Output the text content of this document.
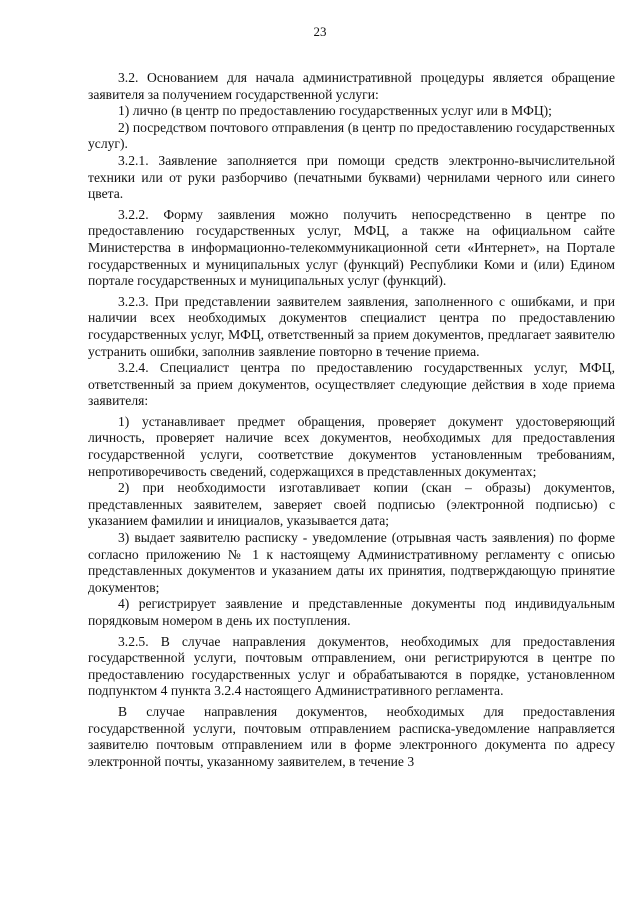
23

3.2. Основанием для начала административной процедуры является обращение заявителя за получением государственной услуги:

1) лично (в центр по предоставлению государственных услуг или в МФЦ);

2) посредством почтового отправления (в центр по предоставлению государственных услуг).

3.2.1. Заявление заполняется при помощи средств электронно-вычислительной техники или от руки разборчиво (печатными буквами) чернилами черного или синего цвета.

3.2.2. Форму заявления можно получить непосредственно в центре по предоставлению государственных услуг, МФЦ, а также на официальном сайте Министерства в информационно-телекоммуникационной сети «Интернет», на Портале государственных и муниципальных услуг (функций) Республики Коми и (или) Едином портале государственных и муниципальных услуг (функций).

3.2.3. При представлении заявителем заявления, заполненного с ошибками, и при наличии всех необходимых документов специалист центра по предоставлению государственных услуг, МФЦ, ответственный за прием документов, предлагает заявителю устранить ошибки, заполнив заявление повторно в течение приема.

3.2.4. Специалист центра по предоставлению государственных услуг, МФЦ, ответственный за прием документов, осуществляет следующие действия в ходе приема заявителя:

1) устанавливает предмет обращения, проверяет документ удостоверяющий личность, проверяет наличие всех документов, необходимых для предоставления государственной услуги, соответствие документов установленным требованиям, непротиворечивость сведений, содержащихся в представленных документах;

2) при необходимости изготавливает копии (скан – образы) документов, представленных заявителем, заверяет своей подписью (электронной подписью) с указанием фамилии и инициалов, указывается дата;

3) выдает заявителю расписку - уведомление (отрывная часть заявления) по форме согласно приложению № 1 к настоящему Административному регламенту с описью представленных документов и указанием даты их принятия, подтверждающую принятие документов;

4) регистрирует заявление и представленные документы под индивидуальным порядковым номером в день их поступления.

3.2.5. В случае направления документов, необходимых для предоставления государственной услуги, почтовым отправлением, они регистрируются в центре по предоставлению государственных услуг и обрабатываются в порядке, установленном подпунктом 4 пункта 3.2.4 настоящего Административного регламента.

В случае направления документов, необходимых для предоставления государственной услуги, почтовым отправлением расписка-уведомление направляется заявителю почтовым отправлением или в форме электронного документа по адресу электронной почты, указанному заявителем, в течение 3
